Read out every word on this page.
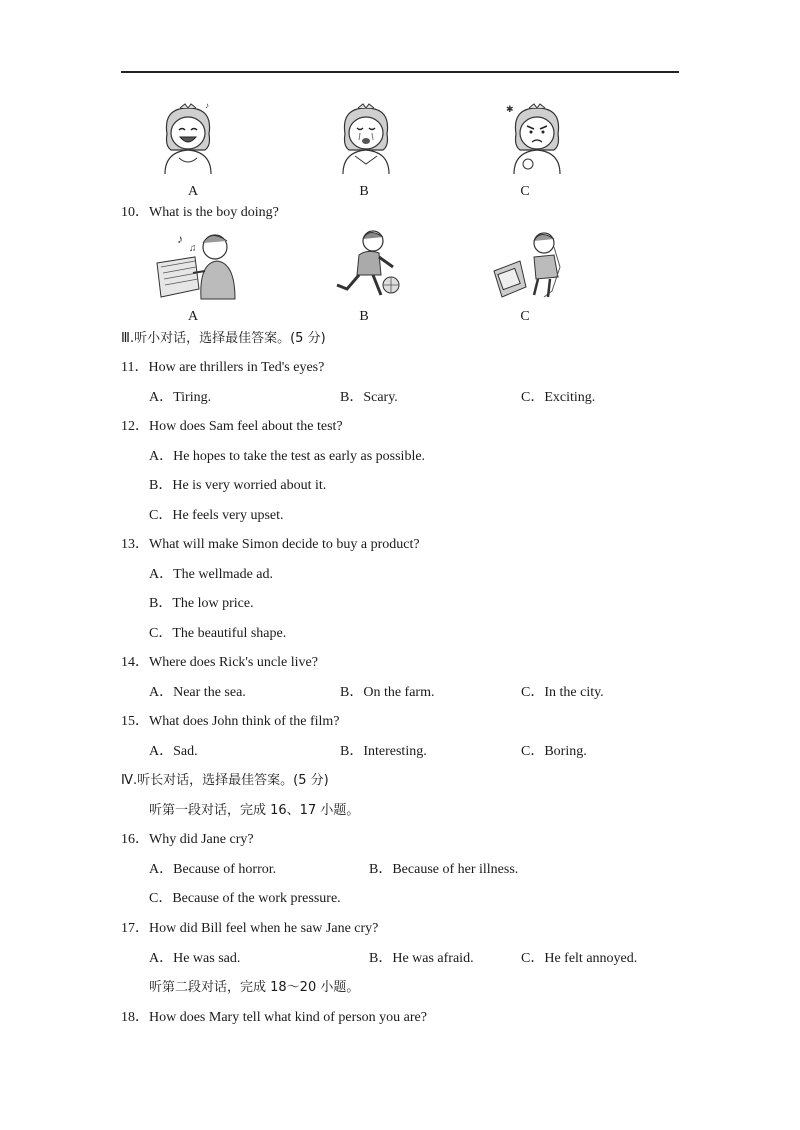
♪	✱
A	B	C
10．What is the boy doing?
♪
♫
A	B	C
Ⅲ.听小对话，选择最佳答案。(5 分)
11．How are thrillers in Ted's eyes?
A．Tiring.	B．Scary.	C．Exciting.
12．How does Sam feel about the test?
A．He hopes to take the test as early as possible.
B．He is very worried about it.
C．He feels very upset.
13．What will make Simon decide to buy a product?
A．The wellmade ad.
B．The low price.
C．The beautiful shape.
14．Where does Rick's uncle live?
A．Near the sea.	B．On the farm.	C．In the city.
15．What does John think of the film?
A．Sad.	B．Interesting.	C．Boring.
Ⅳ.听长对话，选择最佳答案。(5 分)
听第一段对话，完成 16、17 小题。
16．Why did Jane cry?
A．Because of horror.	B．Because of her illness.
C．Because of the work pressure.
17．How did Bill feel when he saw Jane cry?
A．He was sad.	B．He was afraid.	C．He felt annoyed.
听第二段对话，完成 18～20 小题。
18．How does Mary tell what kind of person you are?
